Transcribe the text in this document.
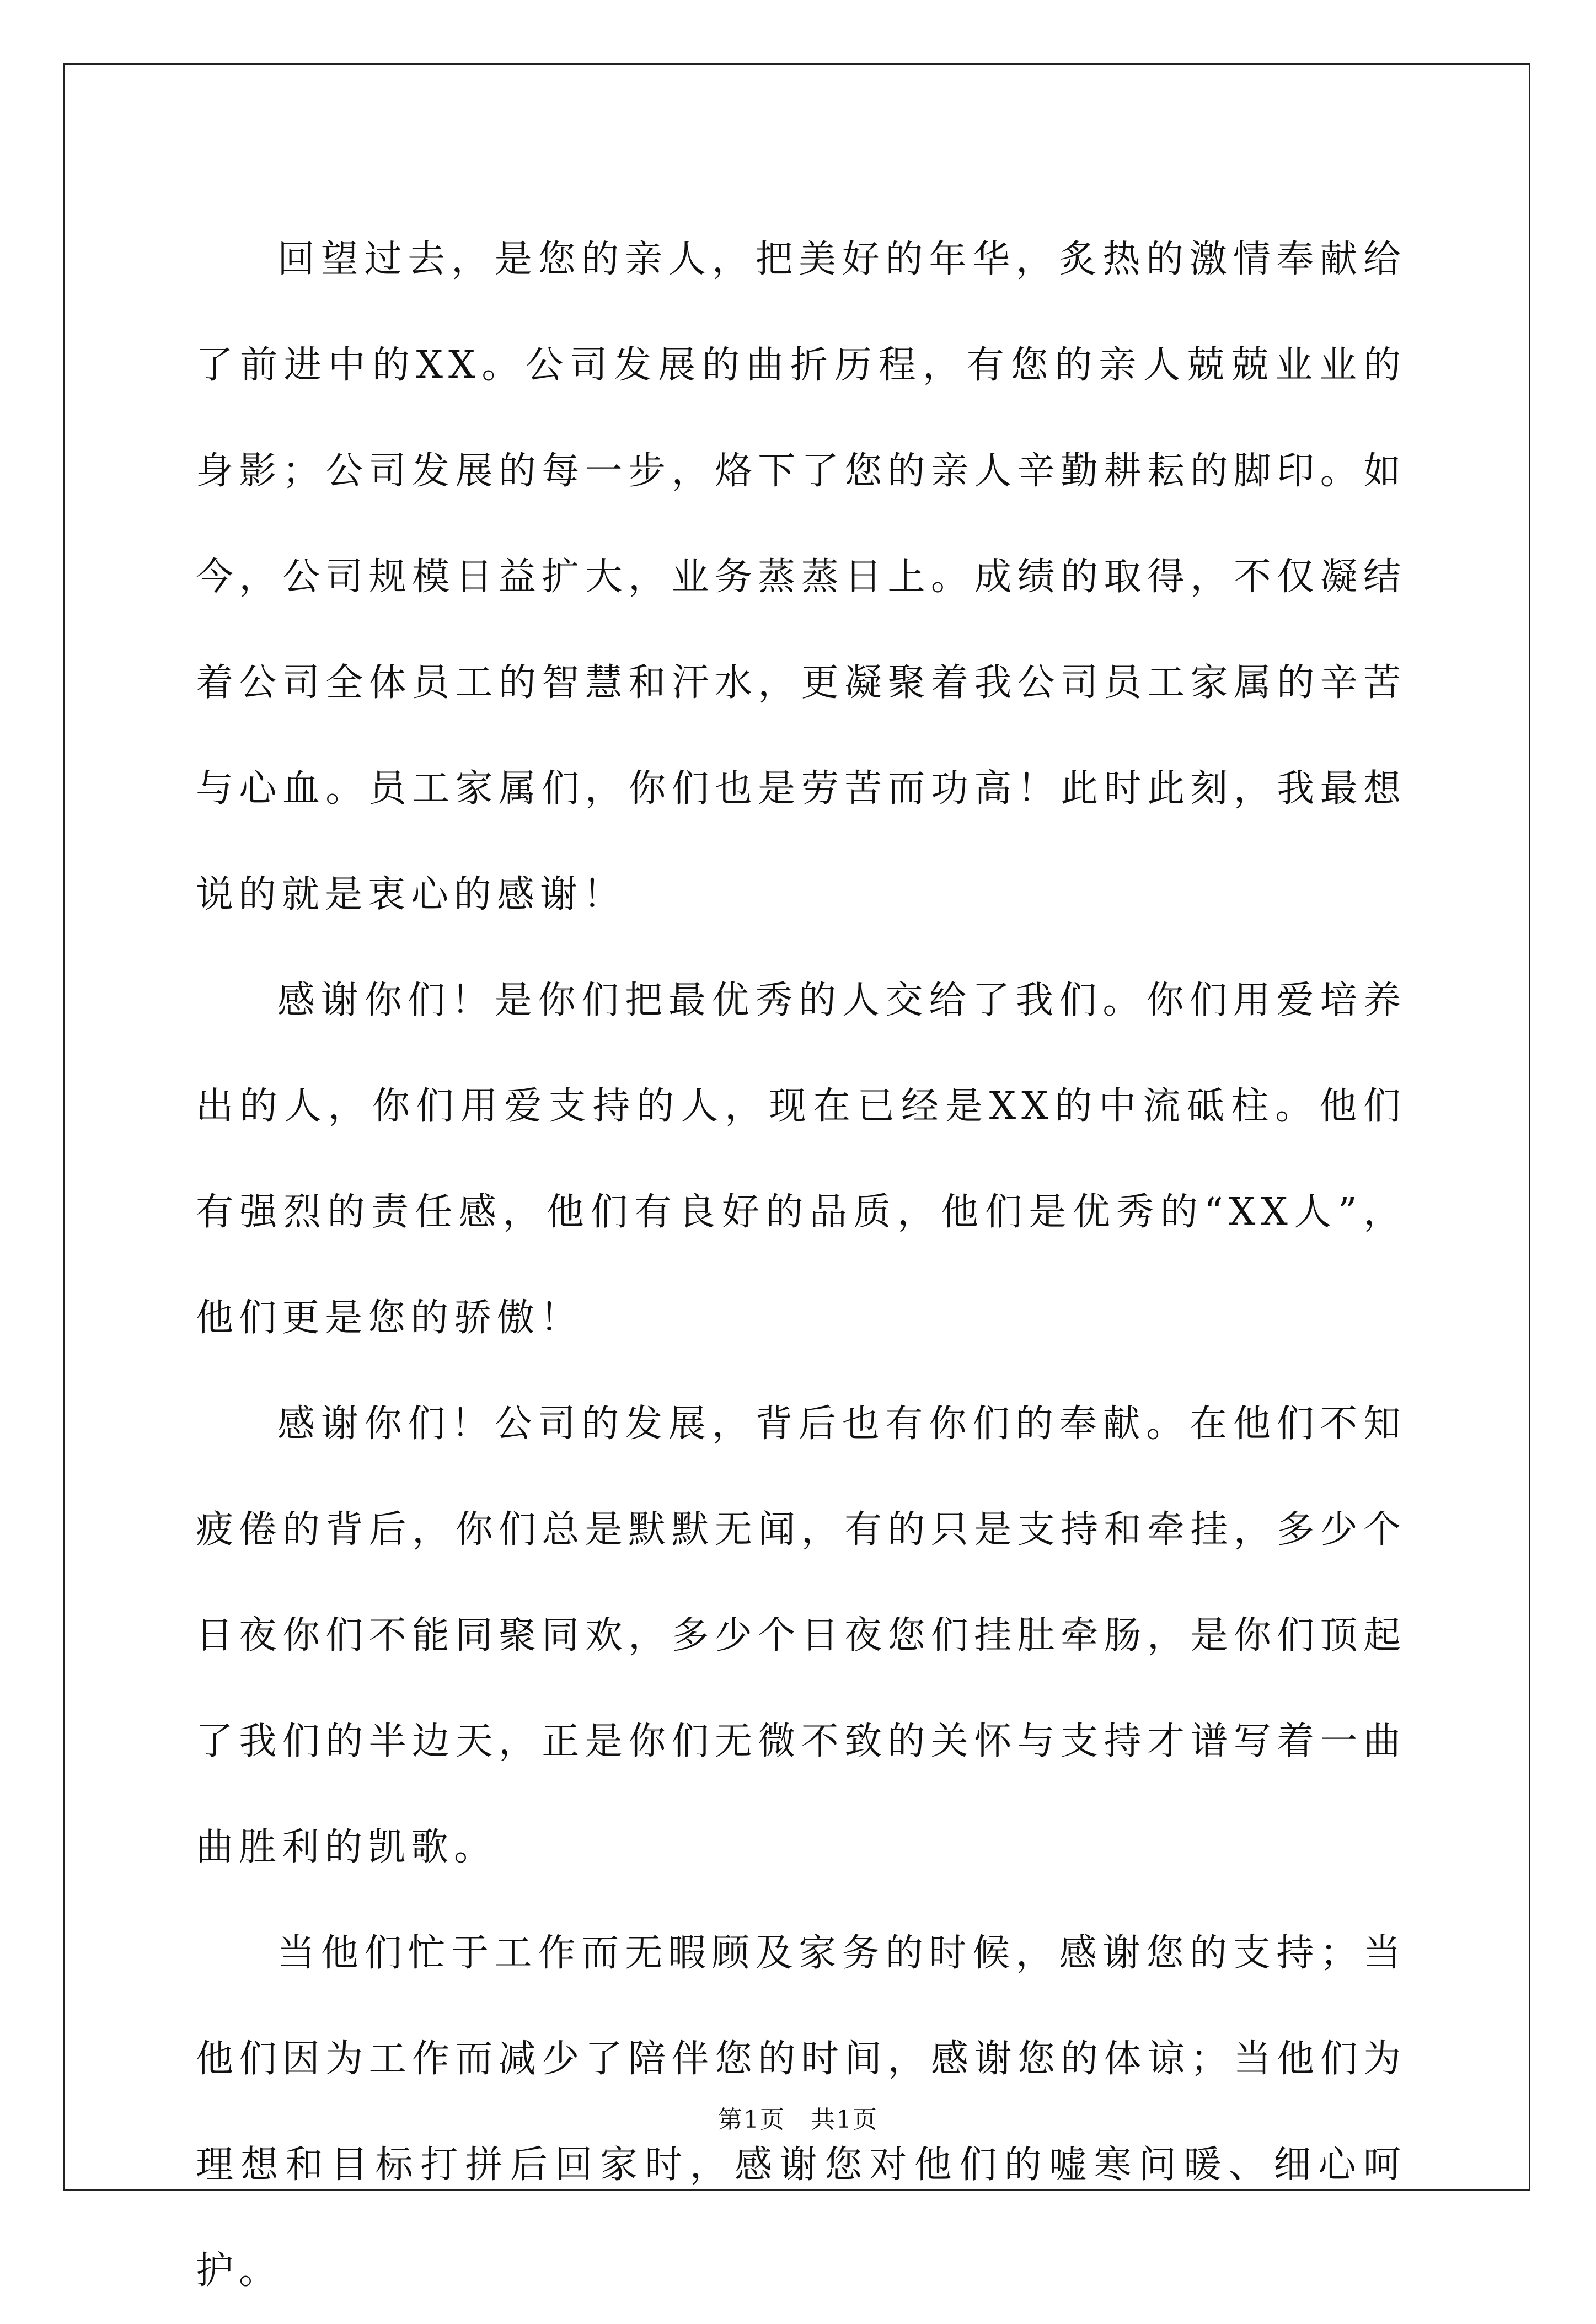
回望过去，是您的亲人，把美好的年华，炙热的激情奉献给了前进中的XX。公司发展的曲折历程，有您的亲人兢兢业业的身影；公司发展的每一步，烙下了您的亲人辛勤耕耘的脚印。如今，公司规模日益扩大，业务蒸蒸日上。成绩的取得，不仅凝结着公司全体员工的智慧和汗水，更凝聚着我公司员工家属的辛苦与心血。员工家属们，你们也是劳苦而功高！此时此刻，我最想说的就是衷心的感谢！

感谢你们！是你们把最优秀的人交给了我们。你们用爱培养出的人，你们用爱支持的人，现在已经是XX的中流砥柱。他们有强烈的责任感，他们有良好的品质，他们是优秀的“XX人”，他们更是您的骄傲！

感谢你们！公司的发展，背后也有你们的奉献。在他们不知疲倦的背后，你们总是默默无闻，有的只是支持和牵挂，多少个日夜你们不能同聚同欢，多少个日夜您们挂肚牵肠，是你们顶起了我们的半边天，正是你们无微不致的关怀与支持才谱写着一曲曲胜利的凯歌。

当他们忙于工作而无暇顾及家务的时候，感谢您的支持；当他们因为工作而减少了陪伴您的时间，感谢您的体谅；当他们为理想和目标打拼后回家时，感谢您对他们的嘘寒问暖、细心呵护。

第1页　共1页
